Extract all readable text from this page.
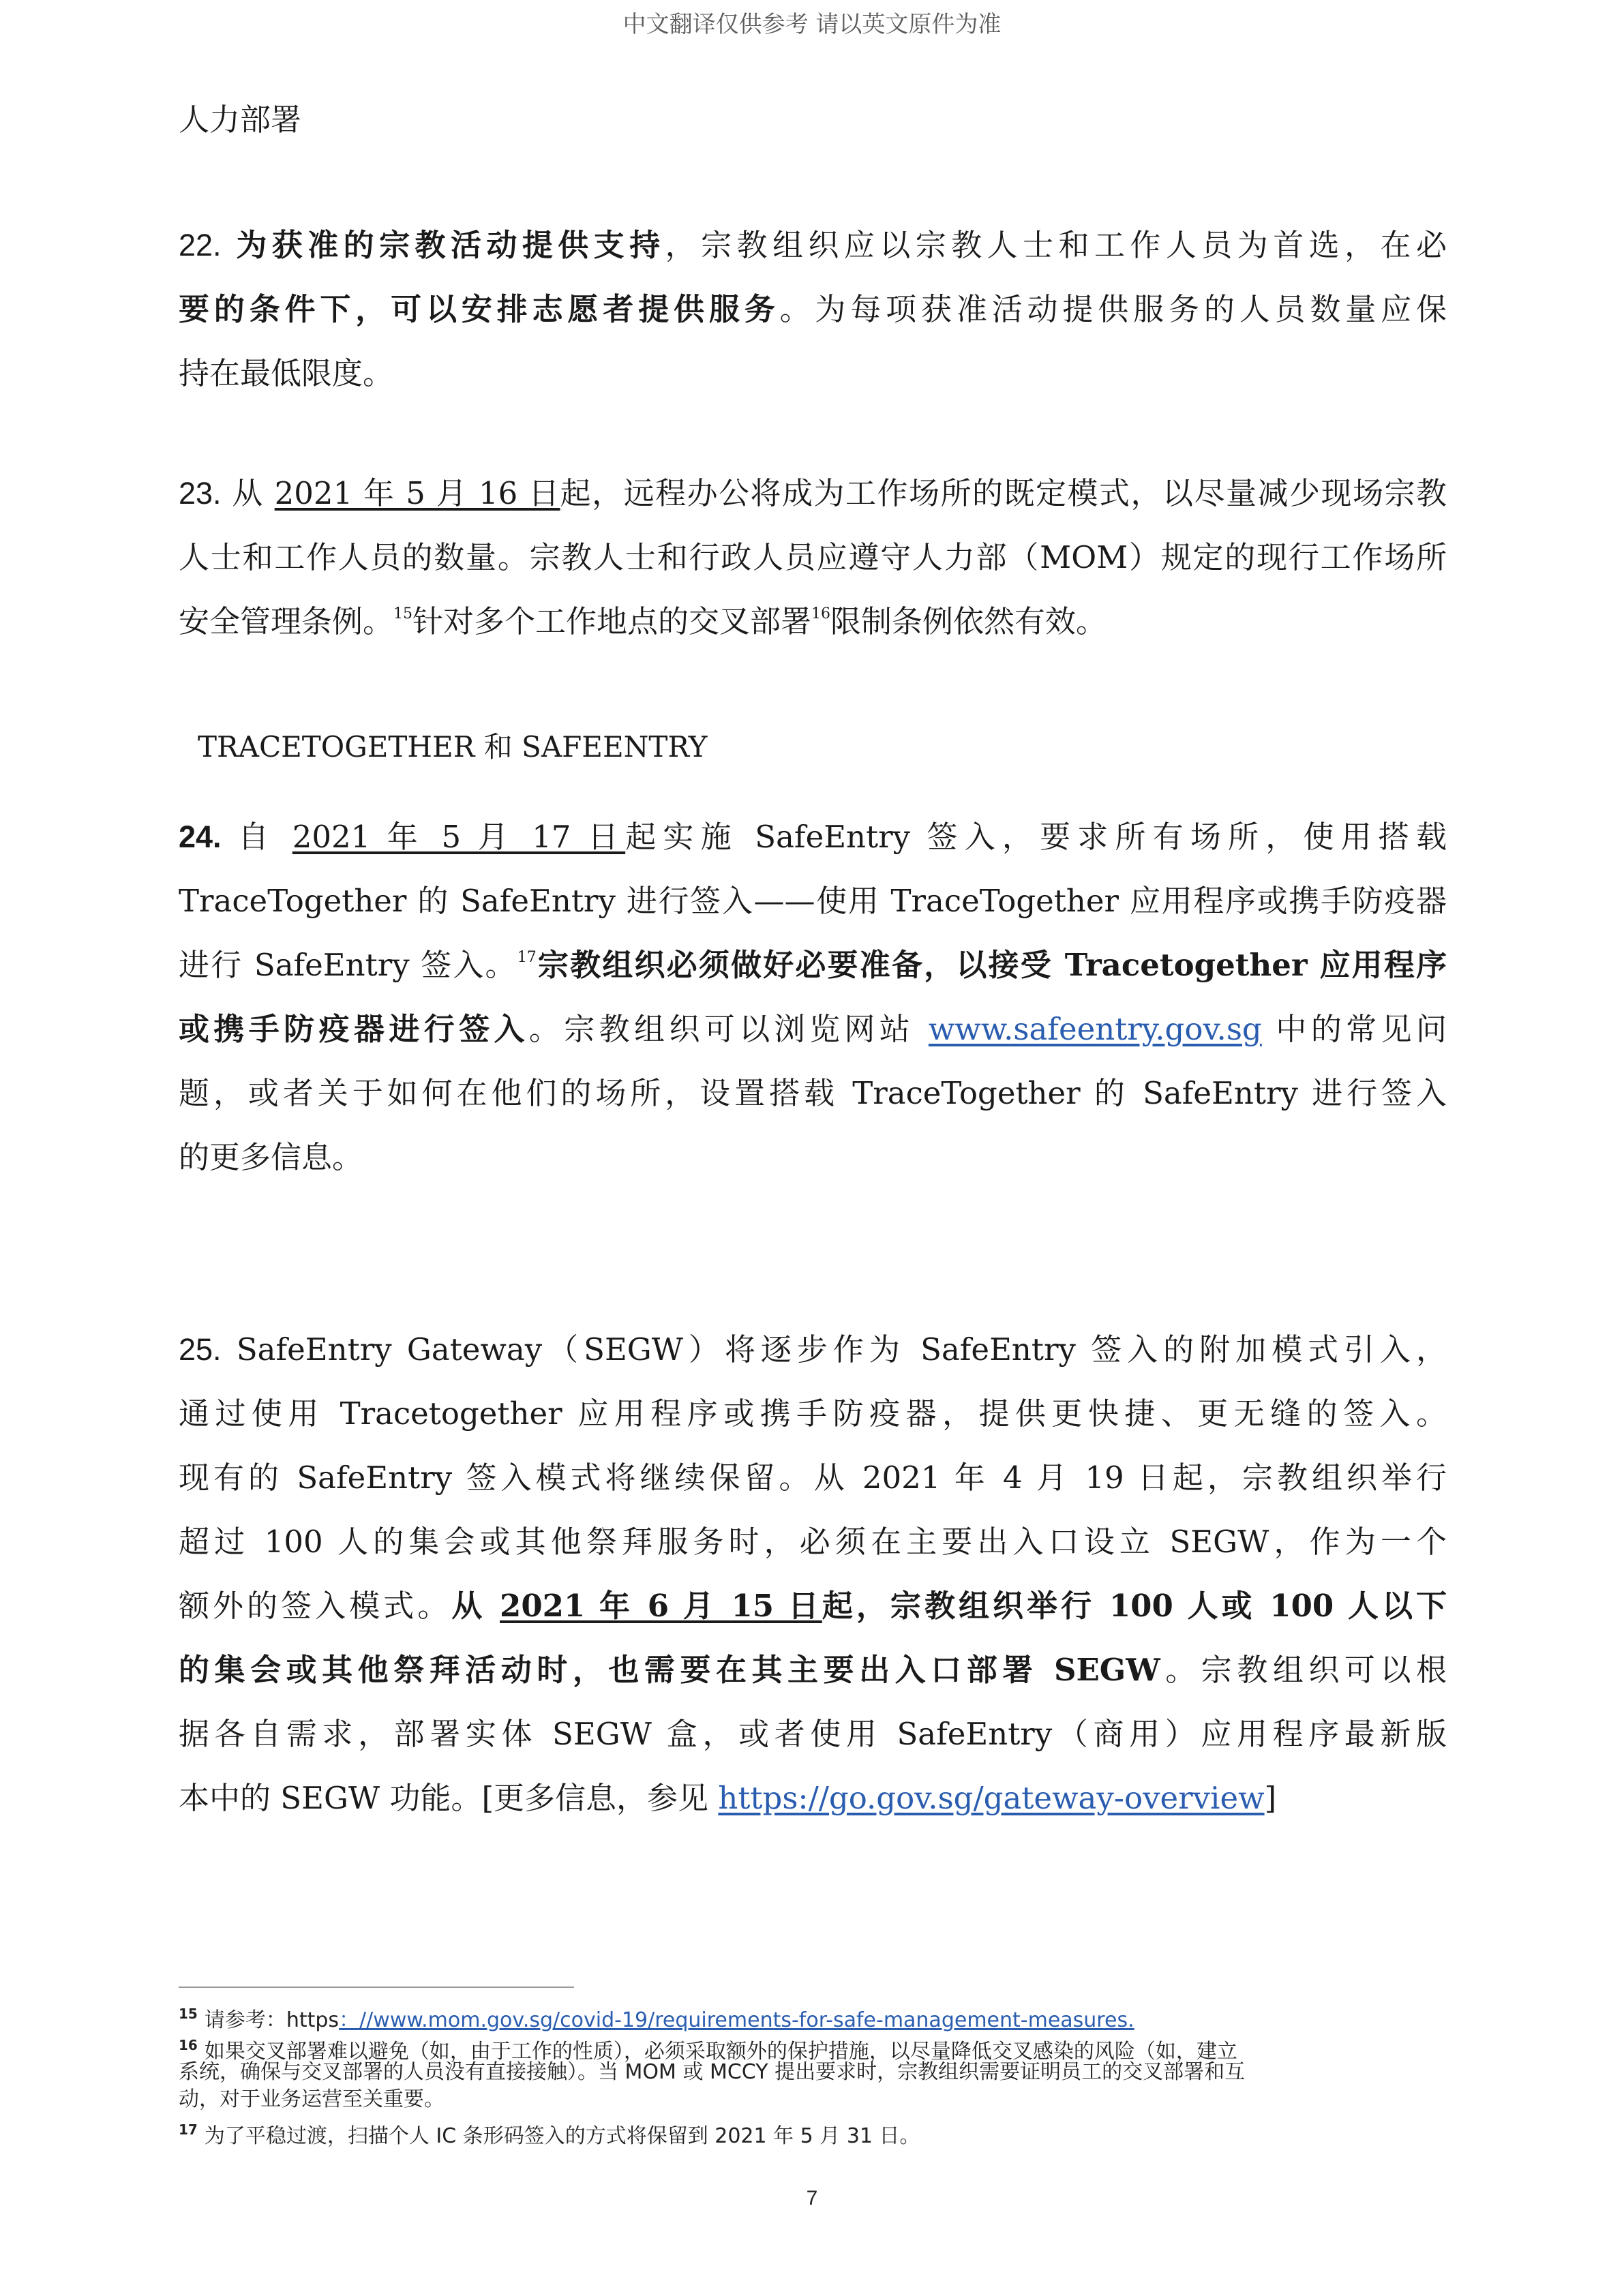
中文翻译仅供参考 请以英文原件为准
人力部署
22. 为获准的宗教活动提供支持，宗教组织应以宗教人士和工作人员为首选，在必
要的条件下，可以安排志愿者提供服务。为每项获准活动提供服务的人员数量应保
持在最低限度。
23. 从 2021 年 5 月 16 日起，远程办公将成为工作场所的既定模式，以尽量减少现场宗教
人士和工作人员的数量。宗教人士和行政人员应遵守人力部（MOM）规定的现行工作场所
安全管理条例。$^{15}$针对多个工作地点的交叉部署$^{16}$限制条例依然有效。
TRACETOGETHER 和 SAFEENTRY
24. 自 2021 年 5 月 17 日起实施 SafeEntry 签入，要求所有场所，使用搭载
TraceTogether 的 SafeEntry 进行签入——使用 TraceTogether 应用程序或携手防疫器
进行 SafeEntry 签入。$^{17}$宗教组织必须做好必要准备，以接受 Tracetogether 应用程序
或携手防疫器进行签入。宗教组织可以浏览网站 www.safeentry.gov.sg 中的常见问
题，或者关于如何在他们的场所，设置搭载 TraceTogether 的 SafeEntry 进行签入
的更多信息。
25. SafeEntry Gateway（SEGW）将逐步作为 SafeEntry 签入的附加模式引入，
通过使用 Tracetogether 应用程序或携手防疫器，提供更快捷、更无缝的签入。
现有的 SafeEntry 签入模式将继续保留。从 2021 年 4 月 19 日起，宗教组织举行
超过 100 人的集会或其他祭拜服务时，必须在主要出入口设立 SEGW，作为一个
额外的签入模式。从 2021 年 6 月 15 日起，宗教组织举行 100 人或 100 人以下
的集会或其他祭拜活动时，也需要在其主要出入口部署 SEGW。宗教组织可以根
据各自需求，部署实体 SEGW 盒，或者使用 SafeEntry（商用）应用程序最新版
本中的 SEGW 功能。[更多信息，参见 https://go.gov.sg/gateway-overview]
$^{15}$ 请参考：https：//www.mom.gov.sg/covid-19/requirements-for-safe-management-measures.
$^{16}$ 如果交叉部署难以避免（如，由于工作的性质），必须采取额外的保护措施，以尽量降低交叉感染的风险（如，建立
系统，确保与交叉部署的人员没有直接接触）。当 MOM 或 MCCY 提出要求时，宗教组织需要证明员工的交叉部署和互
动，对于业务运营至关重要。
$^{17}$ 为了平稳过渡，扫描个人 IC 条形码签入的方式将保留到 2021 年 5 月 31 日。
7
